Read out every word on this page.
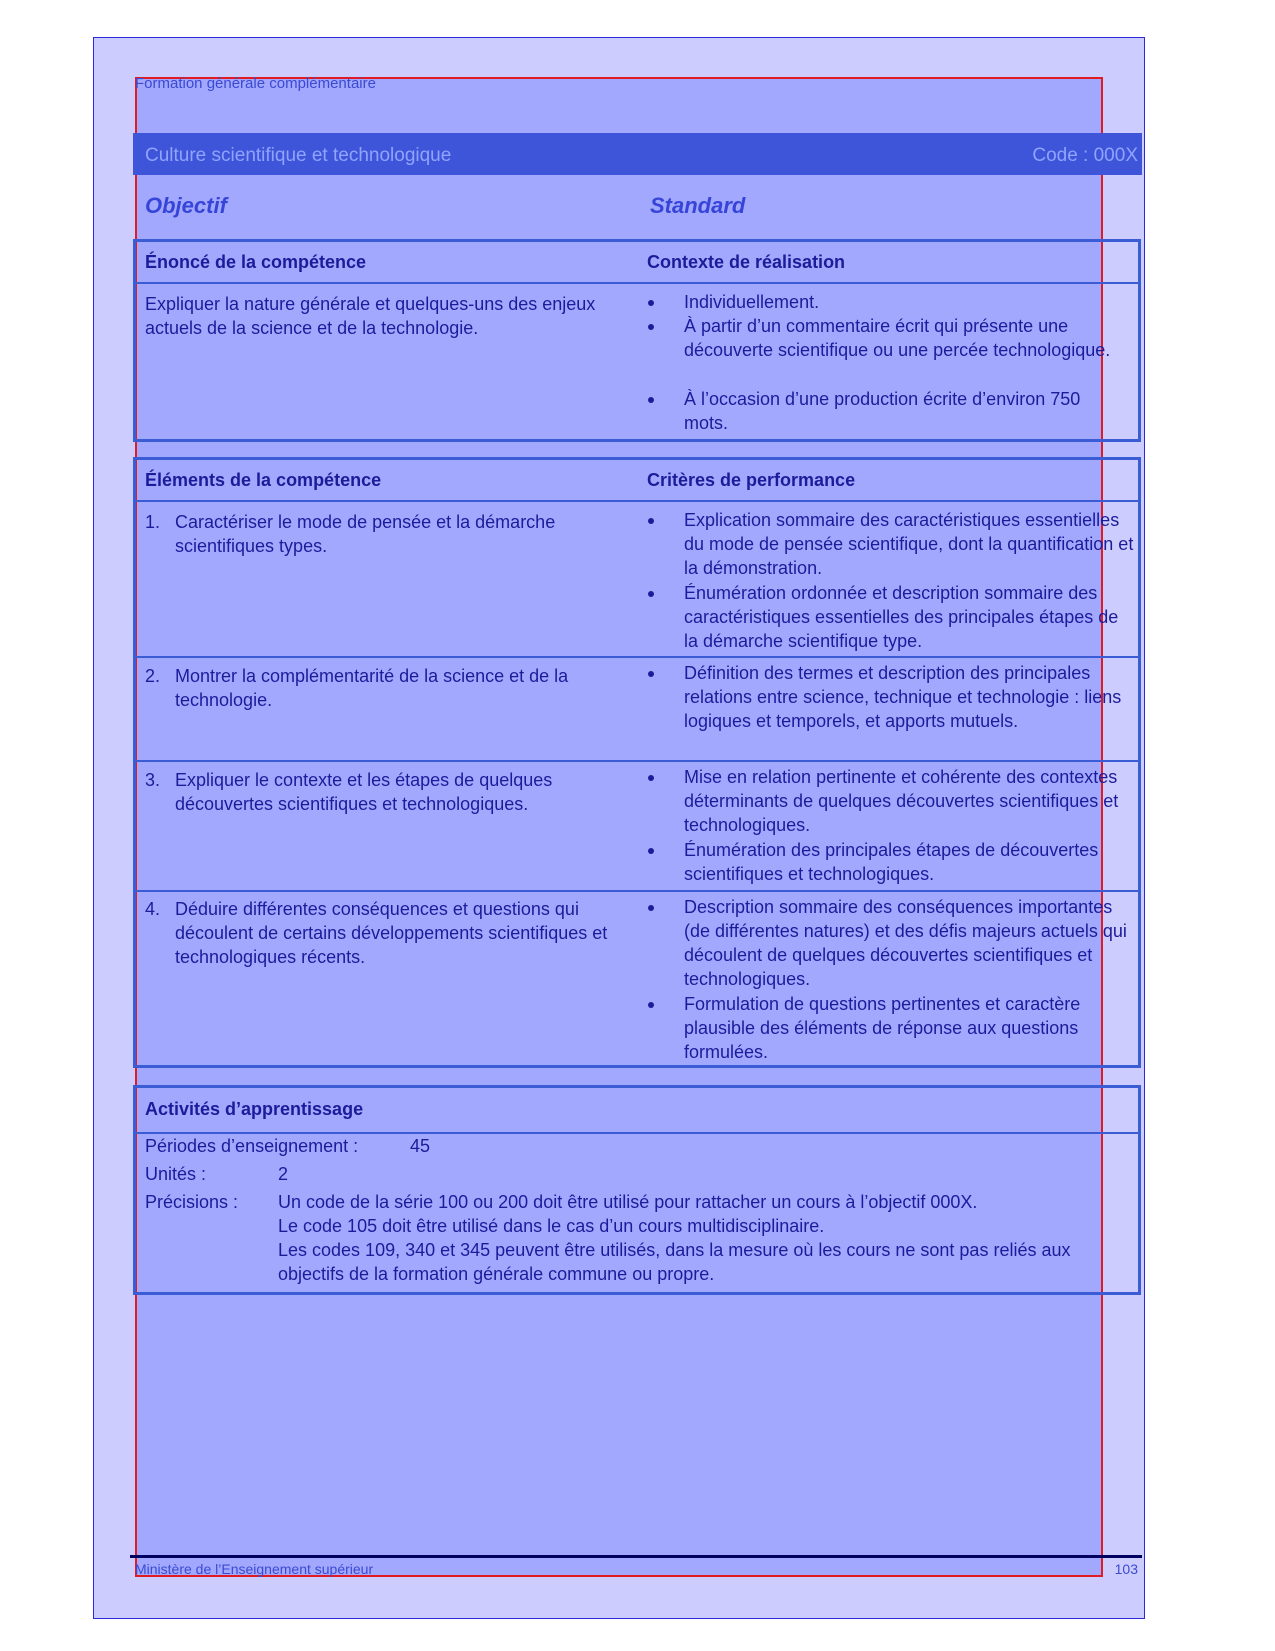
Formation générale complémentaire
Culture scientifique et technologique	Code : 000X
Objectif	Standard
Énoncé de la compétence	Contexte de réalisation
Expliquer la nature générale et quelques-uns des enjeux actuels de la science et de la technologie.
Individuellement.
À partir d’un commentaire écrit qui présente une découverte scientifique ou une percée technologique.
À l’occasion d’une production écrite d’environ 750 mots.
Éléments de la compétence	Critères de performance
1. Caractériser le mode de pensée et la démarche scientifiques types.
Explication sommaire des caractéristiques essentielles du mode de pensée scientifique, dont la quantification et la démonstration.
Énumération ordonnée et description sommaire des caractéristiques essentielles des principales étapes de la démarche scientifique type.
2. Montrer la complémentarité de la science et de la technologie.
Définition des termes et description des principales relations entre science, technique et technologie : liens logiques et temporels, et apports mutuels.
3. Expliquer le contexte et les étapes de quelques découvertes scientifiques et technologiques.
Mise en relation pertinente et cohérente des contextes déterminants de quelques découvertes scientifiques et technologiques.
Énumération des principales étapes de découvertes scientifiques et technologiques.
4. Déduire différentes conséquences et questions qui découlent de certains développements scientifiques et technologiques récents.
Description sommaire des conséquences importantes (de différentes natures) et des défis majeurs actuels qui découlent de quelques découvertes scientifiques et technologiques.
Formulation de questions pertinentes et caractère plausible des éléments de réponse aux questions formulées.
Activités d’apprentissage
Périodes d’enseignement :	45
Unités :	2
Précisions : Un code de la série 100 ou 200 doit être utilisé pour rattacher un cours à l’objectif 000X.
Le code 105 doit être utilisé dans le cas d’un cours multidisciplinaire.
Les codes 109, 340 et 345 peuvent être utilisés, dans la mesure où les cours ne sont pas reliés aux objectifs de la formation générale commune ou propre.
Ministère de l’Enseignement supérieur	103
